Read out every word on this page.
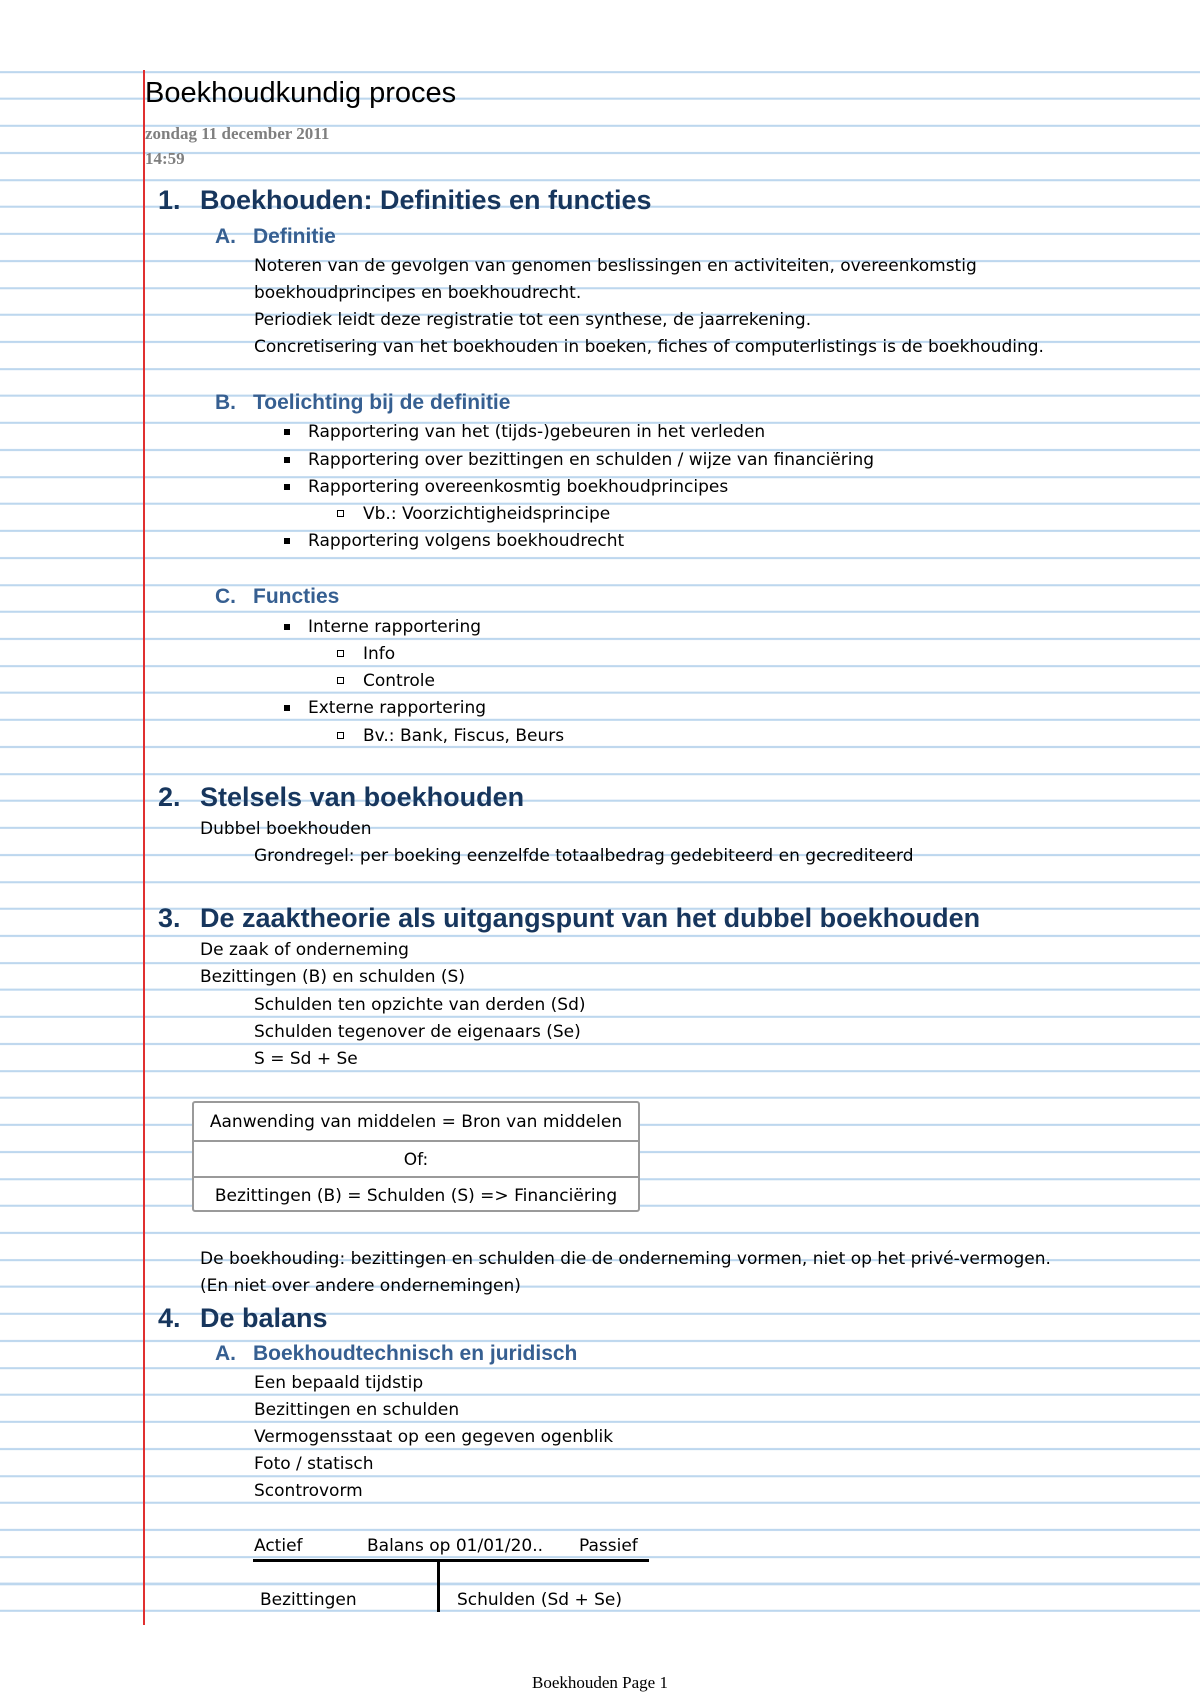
Boekhoudkundig proces
zondag 11 december 2011
14:59
1. Boekhouden: Definities en functies
A. Definitie
Noteren van de gevolgen van genomen beslissingen en activiteiten, overeenkomstig
boekhoudprincipes en boekhoudrecht.
Periodiek leidt deze registratie tot een synthese, de jaarrekening.
Concretisering van het boekhouden in boeken, fiches of computerlistings is de boekhouding.
B. Toelichting bij de definitie
Rapportering van het (tijds-)gebeuren in het verleden
Rapportering over bezittingen en schulden / wijze van financiëring
Rapportering overeenkosmtig boekhoudprincipes
Vb.: Voorzichtigheidsprincipe
Rapportering volgens boekhoudrecht
C. Functies
Interne rapportering
Info
Controle
Externe rapportering
Bv.: Bank, Fiscus, Beurs
2. Stelsels van boekhouden
Dubbel boekhouden
Grondregel: per boeking eenzelfde totaalbedrag gedebiteerd en gecrediteerd
3. De zaaktheorie als uitgangspunt van het dubbel boekhouden
De zaak of onderneming
Bezittingen (B) en schulden (S)
Schulden ten opzichte van derden (Sd)
Schulden tegenover de eigenaars (Se)
S = Sd + Se
Aanwending van middelen = Bron van middelen
Of:
Bezittingen (B) = Schulden (S) => Financiëring
De boekhouding: bezittingen en schulden die de onderneming vormen, niet op het privé-vermogen.
(En niet over andere ondernemingen)
4. De balans
A. Boekhoudtechnisch en juridisch
Een bepaald tijdstip
Bezittingen en schulden
Vermogensstaat op een gegeven ogenblik
Foto / statisch
Scontrovorm
Actief	Balans op 01/01/20.. Passief
Bezittingen	Schulden (Sd + Se)
Boekhouden Page 1
